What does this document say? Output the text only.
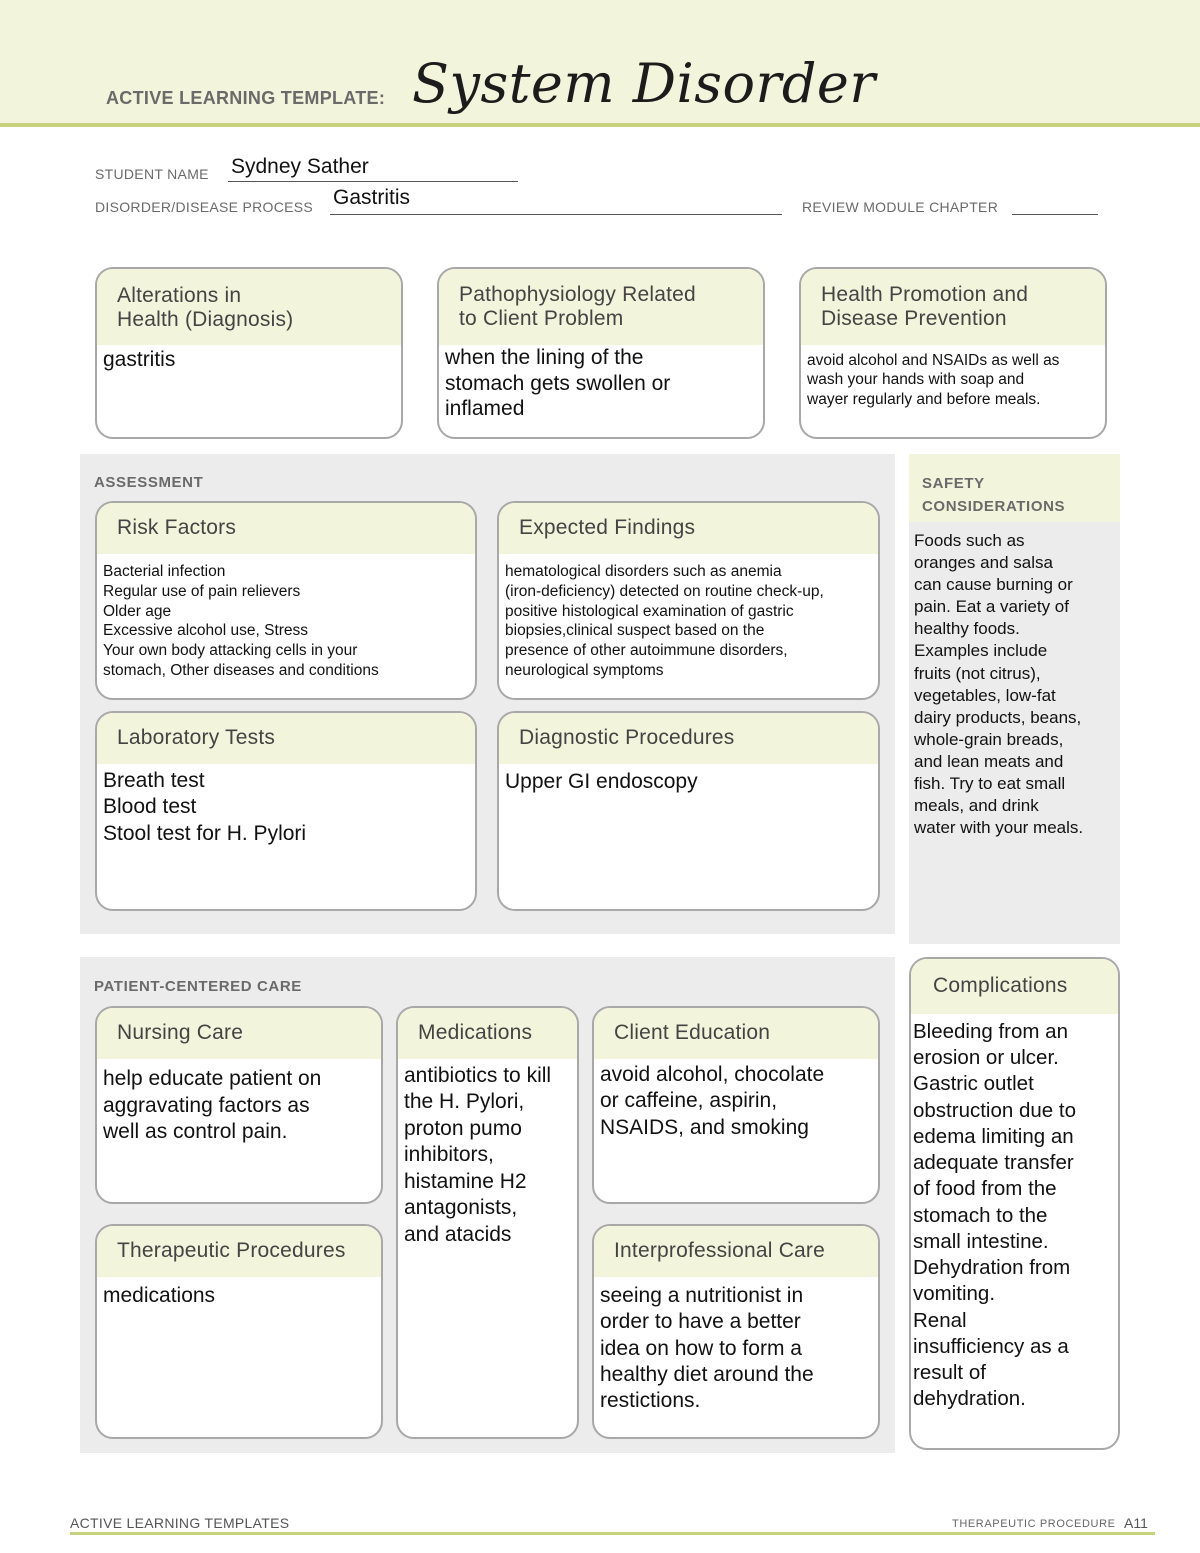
ACTIVE LEARNING TEMPLATE: System Disorder
STUDENT NAME Sydney Sather
DISORDER/DISEASE PROCESS Gastritis	REVIEW MODULE CHAPTER
Alterations in
Health (Diagnosis)
gastritis
Pathophysiology Related
to Client Problem
when the lining of the
stomach gets swollen or
inflamed
Health Promotion and
Disease Prevention
avoid alcohol and NSAIDs as well as
wash your hands with soap and
wayer regularly and before meals.
ASSESSMENT
Risk Factors
Bacterial infection
Regular use of pain relievers
Older age
Excessive alcohol use, Stress
Your own body attacking cells in your
stomach, Other diseases and conditions
Expected Findings
hematological disorders such as anemia
(iron-deficiency) detected on routine check-up,
positive histological examination of gastric
biopsies,clinical suspect based on the
presence of other autoimmune disorders,
neurological symptoms
Laboratory Tests
Breath test
Blood test
Stool test for H. Pylori
Diagnostic Procedures
Upper GI endoscopy
SAFETY
CONSIDERATIONS
Foods such as
oranges and salsa
can cause burning or
pain. Eat a variety of
healthy foods.
Examples include
fruits (not citrus),
vegetables, low-fat
dairy products, beans,
whole-grain breads,
and lean meats and
fish. Try to eat small
meals, and drink
water with your meals.
PATIENT-CENTERED CARE
Nursing Care
help educate patient on
aggravating factors as
well as control pain.
Medications
antibiotics to kill
the H. Pylori,
proton pumo
inhibitors,
histamine H2
antagonists,
and atacids
Client Education
avoid alcohol, chocolate
or caffeine, aspirin,
NSAIDS, and smoking
Therapeutic Procedures
medications
Interprofessional Care
seeing a nutritionist in
order to have a better
idea on how to form a
healthy diet around the
restictions.
Complications
Bleeding from an
erosion or ulcer.
Gastric outlet
obstruction due to
edema limiting an
adequate transfer
of food from the
stomach to the
small intestine.
Dehydration from
vomiting.
Renal
insufficiency as a
result of
dehydration.
ACTIVE LEARNING TEMPLATES	THERAPEUTIC PROCEDURE A11
